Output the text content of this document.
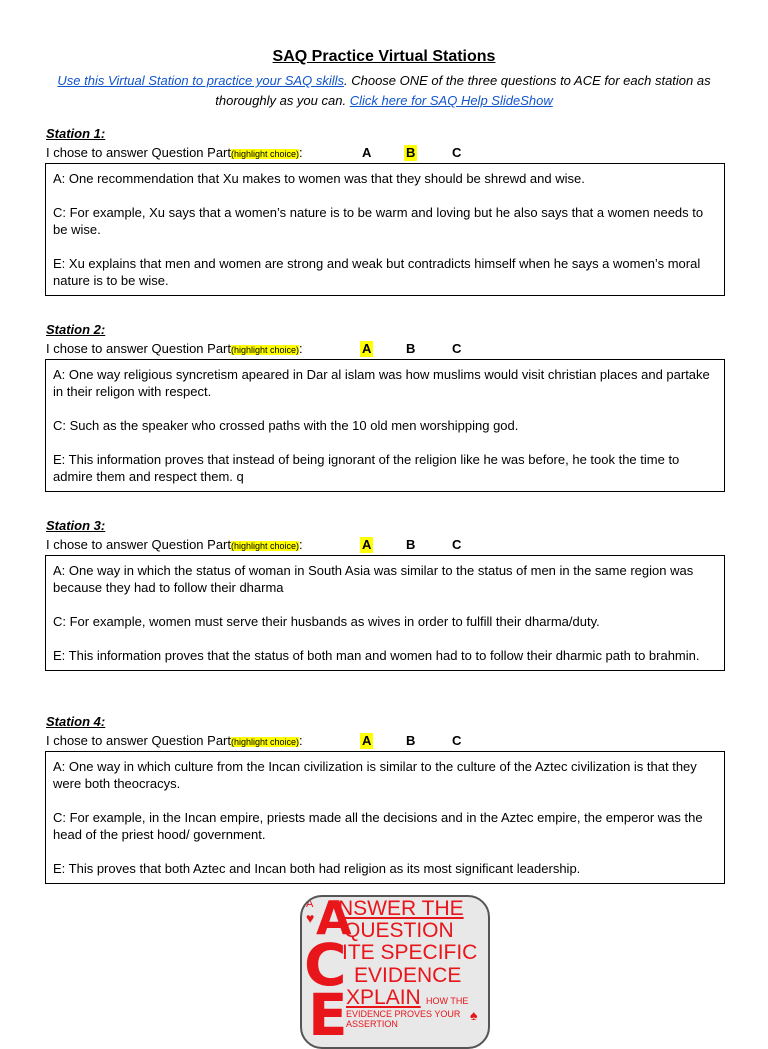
SAQ Practice Virtual Stations
Use this Virtual Station to practice your SAQ skills. Choose ONE of the three questions to ACE for each station as thoroughly as you can. Click here for SAQ Help SlideShow
Station 1:
I chose to answer Question Part(highlight choice):	A	B	C

A: One recommendation that Xu makes to women was that they should be shrewd and wise.

C: For example, Xu says that a women’s nature is to be warm and loving but he also says that a women needs to be wise.

E: Xu explains that men and women are strong and weak but contradicts himself when he says a women’s moral nature is to be wise.

Station 2:
I chose to answer Question Part(highlight choice):	A	B	C

A: One way religious syncretism apeared in Dar al islam was how muslims would visit christian places and partake in their religon with respect.

C: Such as the speaker who crossed paths with the 10 old men worshipping god.

E: This information proves that instead of being ignorant of the religion like he was before, he took the time to admire them and respect them. q

Station 3:
I chose to answer Question Part(highlight choice):	A	B	C

A: One way in which the status of woman in South Asia was similar to the status of men in the same region was because they had to follow their dharma

C: For example, women must serve their husbands as wives in order to fulfill their dharma/duty.

E: This information proves that the status of both man and women had to to follow their dharmic path to brahmin.

Station 4:
I chose to answer Question Part(highlight choice):	A	B	C

A: One way in which culture from the Incan civilization is similar to the culture of the Aztec civilization is that they were both theocracys.

C: For example, in the Incan empire, priests made all the decisions and in the Aztec empire, the emperor was the head of the priest hood/ government.

E: This proves that both Aztec and Incan both had religion as its most significant leadership.

A
♥ A
NSWER THE
QUESTION
C
ITE SPECIFIC
EVIDENCE
E
XPLAIN HOW THE
♠
EVIDENCE PROVES YOUR
ASSERTION
